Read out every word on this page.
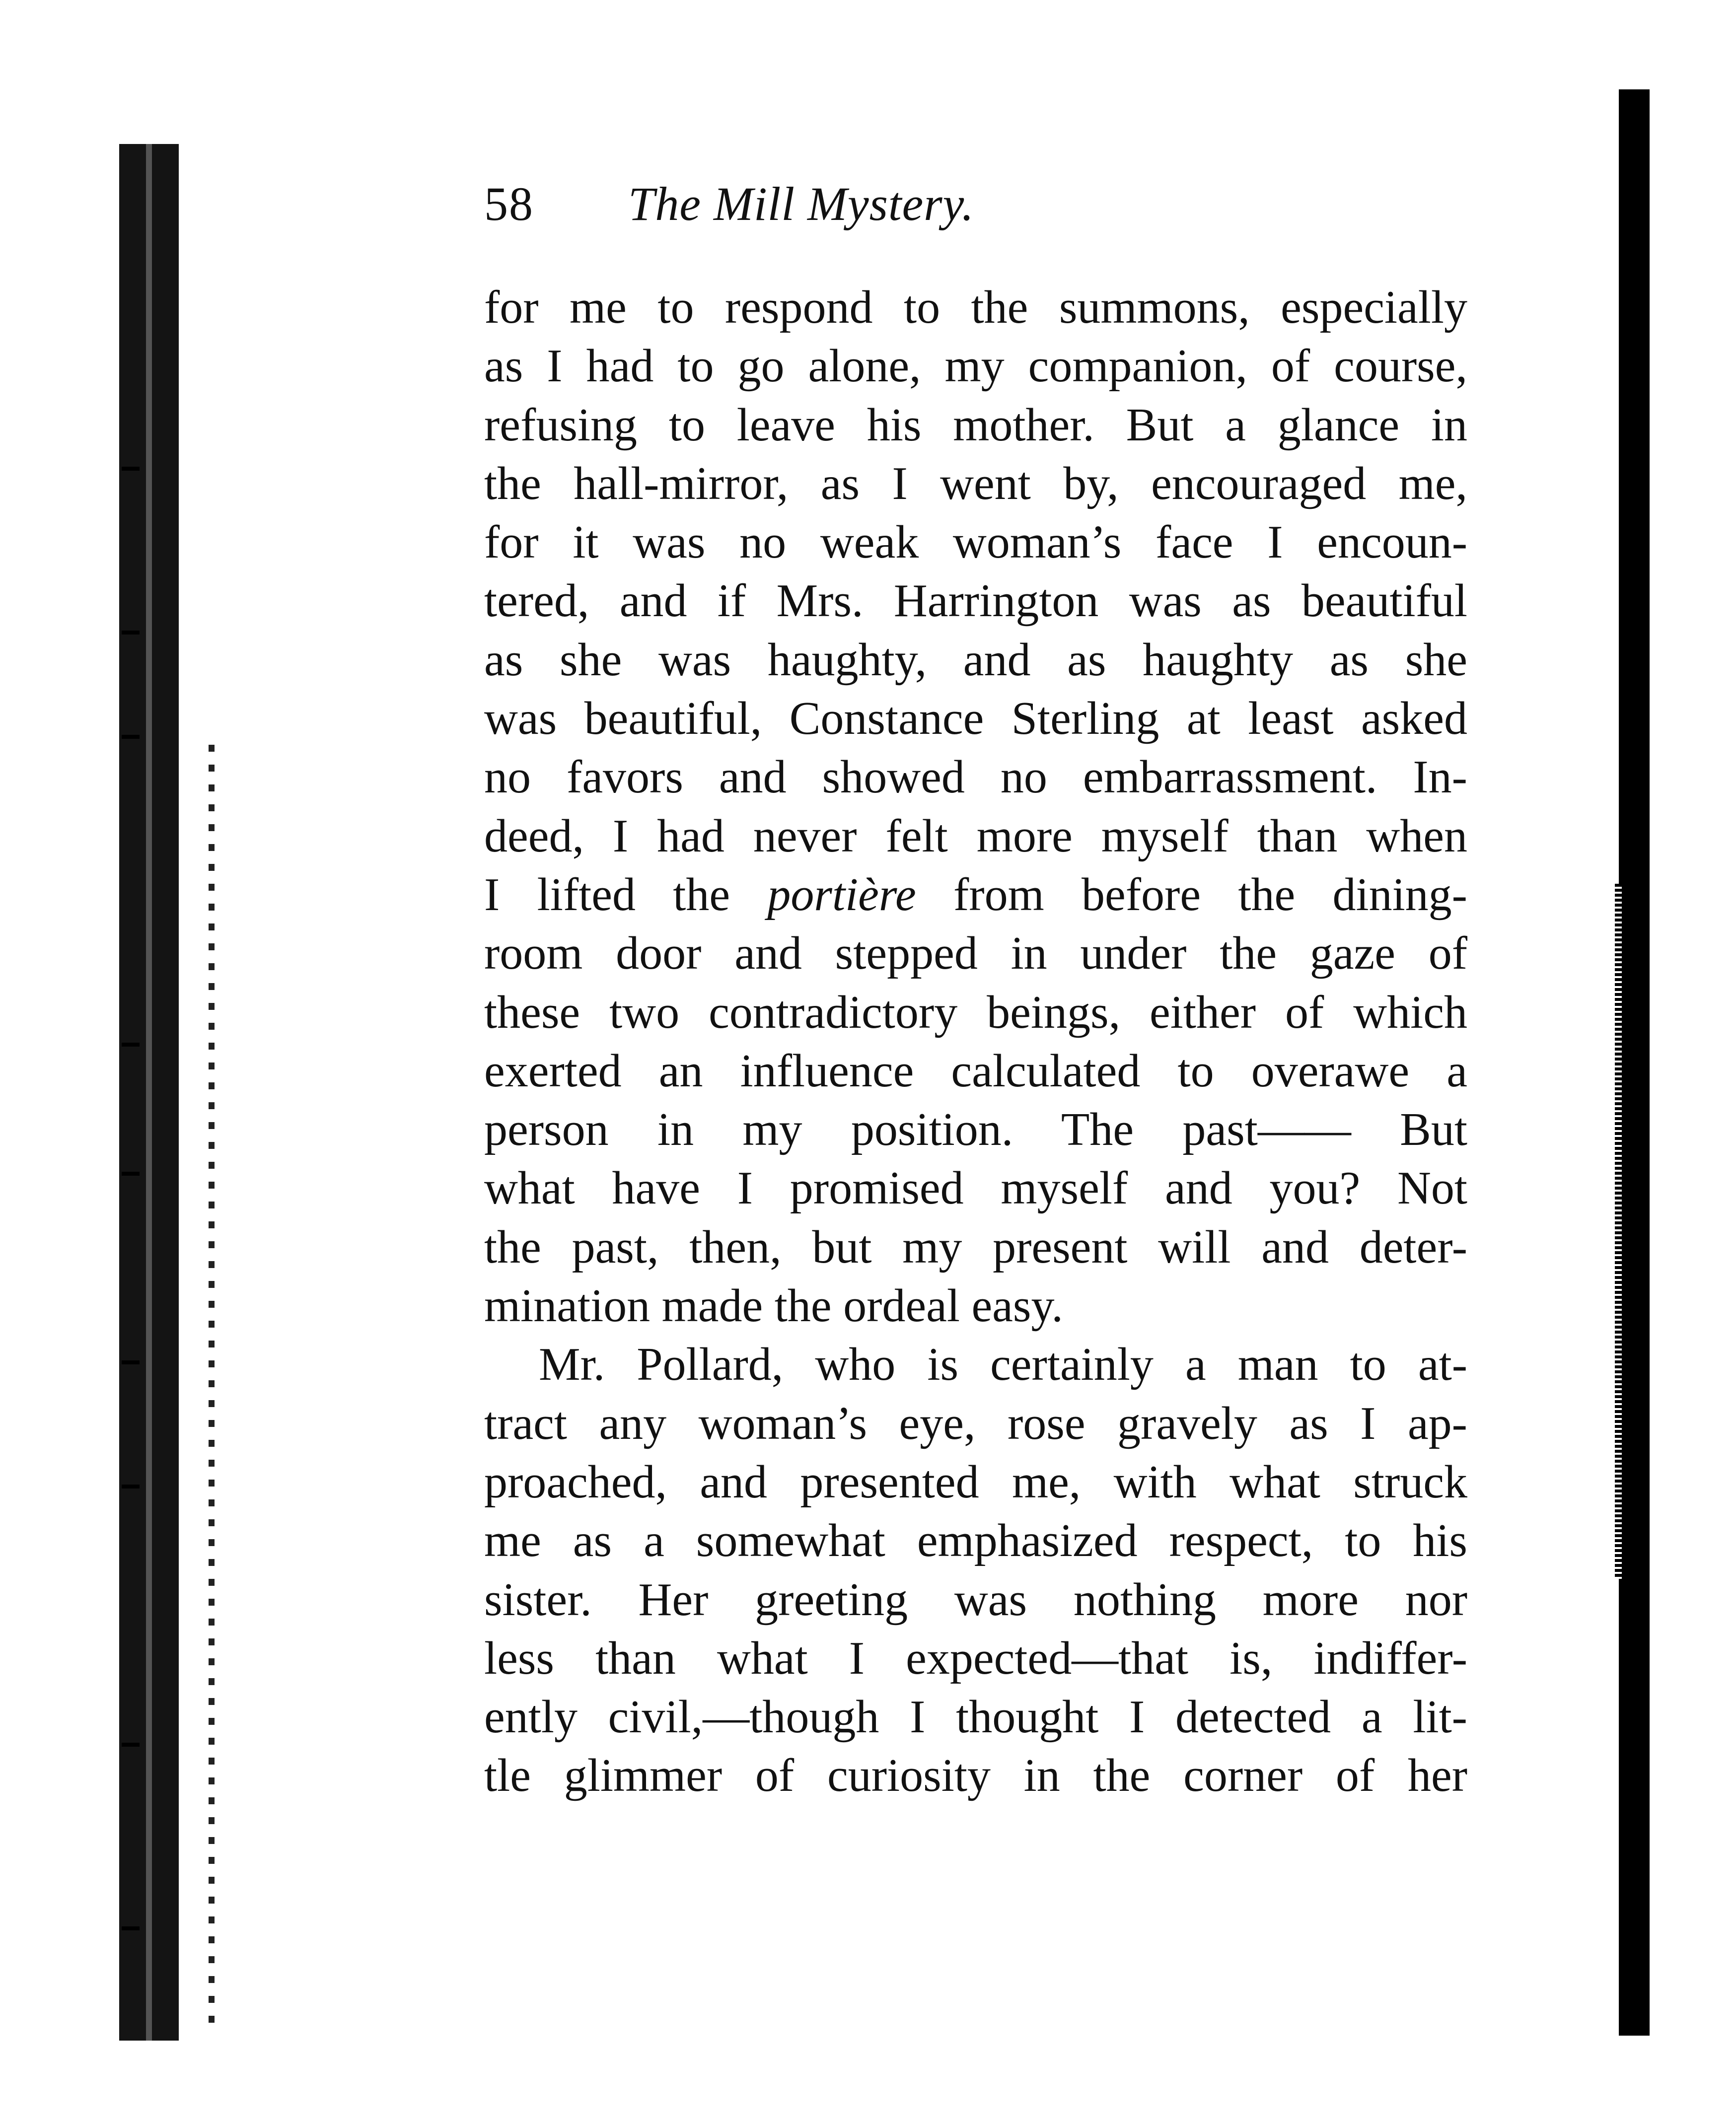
58	The Mill Mystery.
for me to respond to the summons, especially
as I had to go alone, my companion, of course,
refusing to leave his mother. But a glance in
the hall-mirror, as I went by, encouraged me,
for it was no weak woman’s face I encoun-
tered, and if Mrs. Harrington was as beautiful
as she was haughty, and as haughty as she
was beautiful, Constance Sterling at least asked
no favors and showed no embarrassment. In-
deed, I had never felt more myself than when
I lifted the portière from before the dining-
room door and stepped in under the gaze of
these two contradictory beings, either of which
exerted an influence calculated to overawe a
person in my position. The past—— But
what have I promised myself and you? Not
the past, then, but my present will and deter-
mination made the ordeal easy.
Mr. Pollard, who is certainly a man to at-
tract any woman’s eye, rose gravely as I ap-
proached, and presented me, with what struck
me as a somewhat emphasized respect, to his
sister. Her greeting was nothing more nor
less than what I expected—that is, indiffer-
ently civil,—though I thought I detected a lit-
tle glimmer of curiosity in the corner of her
